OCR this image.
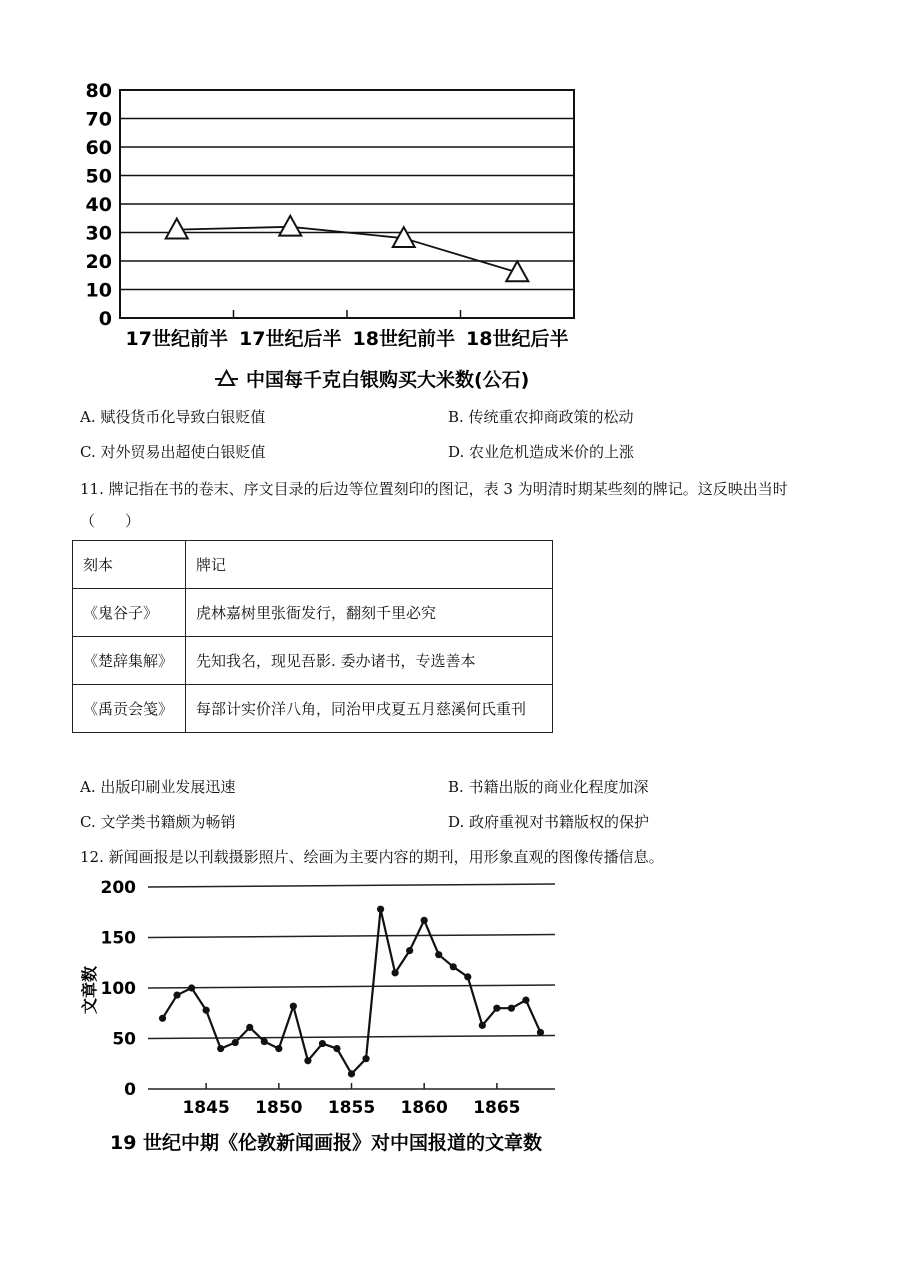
0
10
20
30
40
50
60
70
80
17世纪前半 17世纪后半 18世纪前半 18世纪后半
中国每千克白银购买大米数(公石)
A. 赋役货币化导致白银贬值	B. 传统重农抑商政策的松动
C. 对外贸易出超使白银贬值	D. 农业危机造成米价的上涨
11. 牌记指在书的卷末、序文目录的后边等位置刻印的图记，表 3 为明清时期某些刻的牌记。这反映出当时
（　　）
刻本	牌记
《鬼谷子》	虎林嘉树里张衙发行，翻刻千里必究
《楚辞集解》	先知我名，现见吾影. 委办诸书，专选善本
《禹贡会笺》	每部计实价洋八角，同治甲戌夏五月慈溪何氏重刊
A. 出版印刷业发展迅速	B. 书籍出版的商业化程度加深
C. 文学类书籍颇为畅销	D. 政府重视对书籍版权的保护
12. 新闻画报是以刊载摄影照片、绘画为主要内容的期刊，用形象直观的图像传播信息。
0
50
100
150
200
1845 1850 1855 1860 1865
文章数
19 世纪中期《伦敦新闻画报》对中国报道的文章数
